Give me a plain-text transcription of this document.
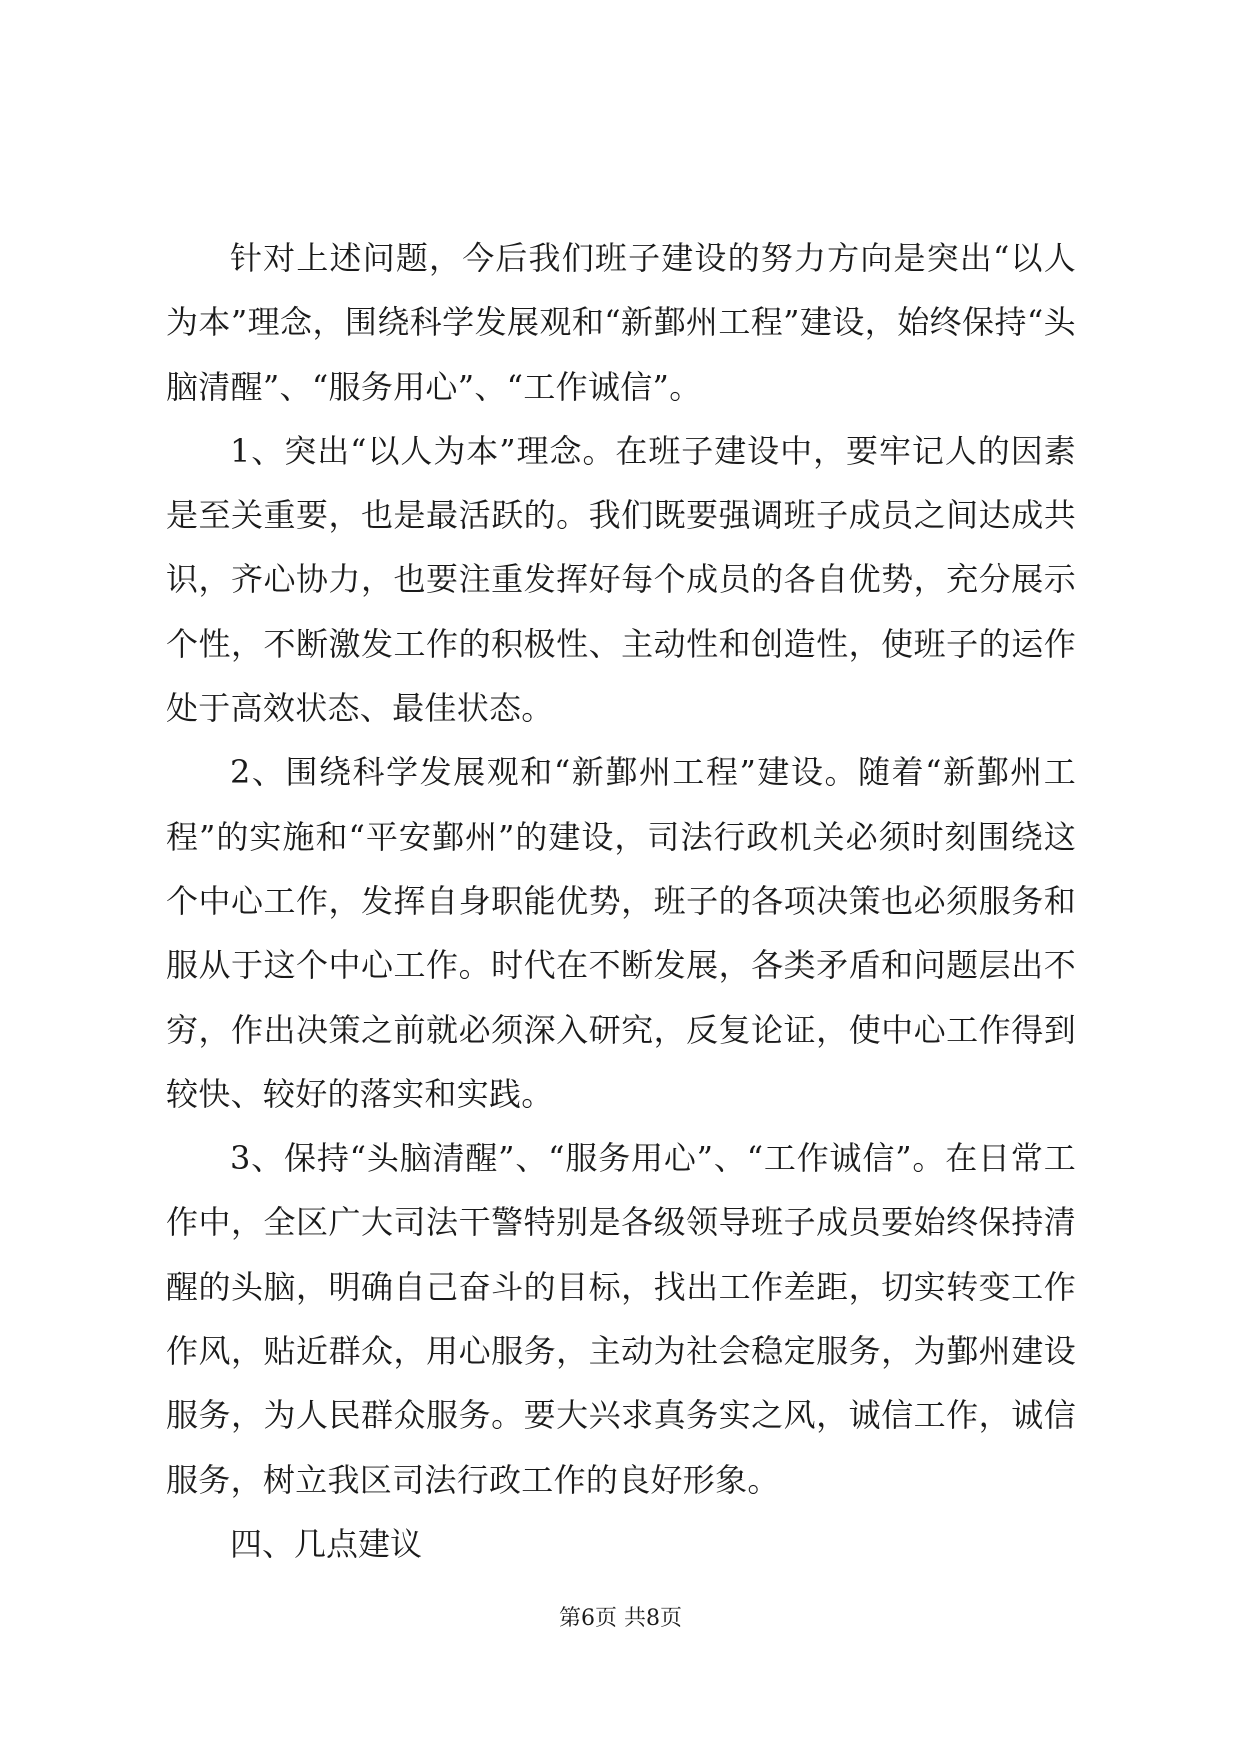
针对上述问题，今后我们班子建设的努力方向是突出“以人为本”理念，围绕科学发展观和“新鄞州工程”建设，始终保持“头脑清醒”、“服务用心”、“工作诚信”。

1、突出“以人为本”理念。在班子建设中，要牢记人的因素是至关重要，也是最活跃的。我们既要强调班子成员之间达成共识，齐心协力，也要注重发挥好每个成员的各自优势，充分展示个性，不断激发工作的积极性、主动性和创造性，使班子的运作处于高效状态、最佳状态。

2、围绕科学发展观和“新鄞州工程”建设。随着“新鄞州工程”的实施和“平安鄞州”的建设，司法行政机关必须时刻围绕这个中心工作，发挥自身职能优势，班子的各项决策也必须服务和服从于这个中心工作。时代在不断发展，各类矛盾和问题层出不穷，作出决策之前就必须深入研究，反复论证，使中心工作得到较快、较好的落实和实践。

3、保持“头脑清醒”、“服务用心”、“工作诚信”。在日常工作中，全区广大司法干警特别是各级领导班子成员要始终保持清醒的头脑，明确自己奋斗的目标，找出工作差距，切实转变工作作风，贴近群众，用心服务，主动为社会稳定服务，为鄞州建设服务，为人民群众服务。要大兴求真务实之风，诚信工作，诚信服务，树立我区司法行政工作的良好形象。

四、几点建议

第6页 共8页
